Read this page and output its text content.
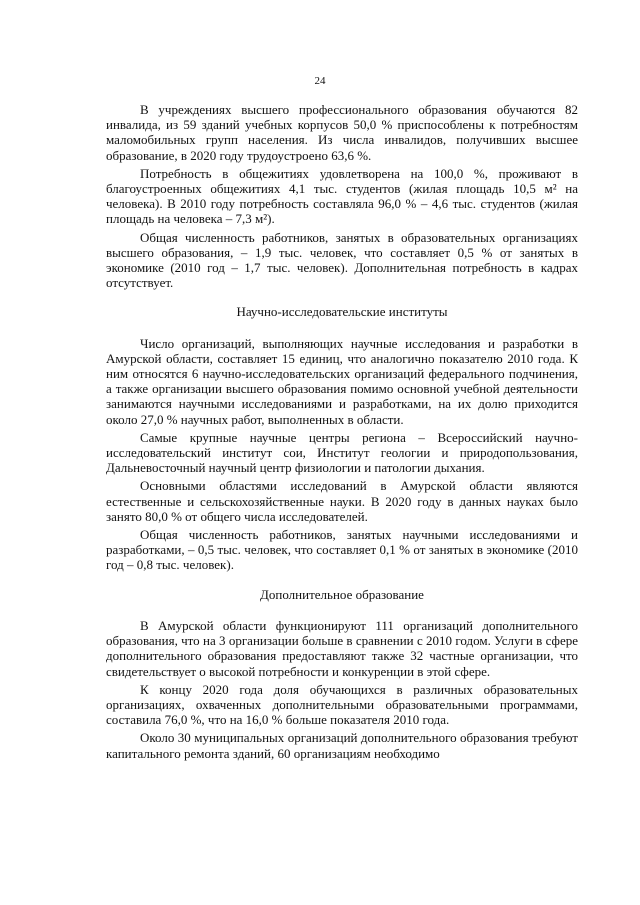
24

В учреждениях высшего профессионального образования обучаются 82 инвалида, из 59 зданий учебных корпусов 50,0 % приспособлены к потребностям маломобильных групп населения. Из числа инвалидов, получивших высшее образование, в 2020 году трудоустроено 63,6 %.

Потребность в общежитиях удовлетворена на 100,0 %, проживают в благоустроенных общежитиях 4,1 тыс. студентов (жилая площадь 10,5 м² на человека). В 2010 году потребность составляла 96,0 % – 4,6 тыс. студентов (жилая площадь на человека – 7,3 м²).

Общая численность работников, занятых в образовательных организациях высшего образования, – 1,9 тыс. человек, что составляет 0,5 % от занятых в экономике (2010 год – 1,7 тыс. человек). Дополнительная потребность в кадрах отсутствует.

Научно-исследовательские институты

Число организаций, выполняющих научные исследования и разработки в Амурской области, составляет 15 единиц, что аналогично показателю 2010 года. К ним относятся 6 научно-исследовательских организаций федерального подчинения, а также организации высшего образования помимо основной учебной деятельности занимаются научными исследованиями и разработками, на их долю приходится около 27,0 % научных работ, выполненных в области.

Самые крупные научные центры региона – Всероссийский научно-исследовательский институт сои, Институт геологии и природопользования, Дальневосточный научный центр физиологии и патологии дыхания.

Основными областями исследований в Амурской области являются естественные и сельскохозяйственные науки. В 2020 году в данных науках было занято 80,0 % от общего числа исследователей.

Общая численность работников, занятых научными исследованиями и разработками, – 0,5 тыс. человек, что составляет 0,1 % от занятых в экономике (2010 год – 0,8 тыс. человек).

Дополнительное образование

В Амурской области функционируют 111 организаций дополнительного образования, что на 3 организации больше в сравнении с 2010 годом. Услуги в сфере дополнительного образования предоставляют также 32 частные организации, что свидетельствует о высокой потребности и конкуренции в этой сфере.

К концу 2020 года доля обучающихся в различных образовательных организациях, охваченных дополнительными образовательными программами, составила 76,0 %, что на 16,0 % больше показателя 2010 года.

Около 30 муниципальных организаций дополнительного образования требуют капитального ремонта зданий, 60 организациям необходимо
